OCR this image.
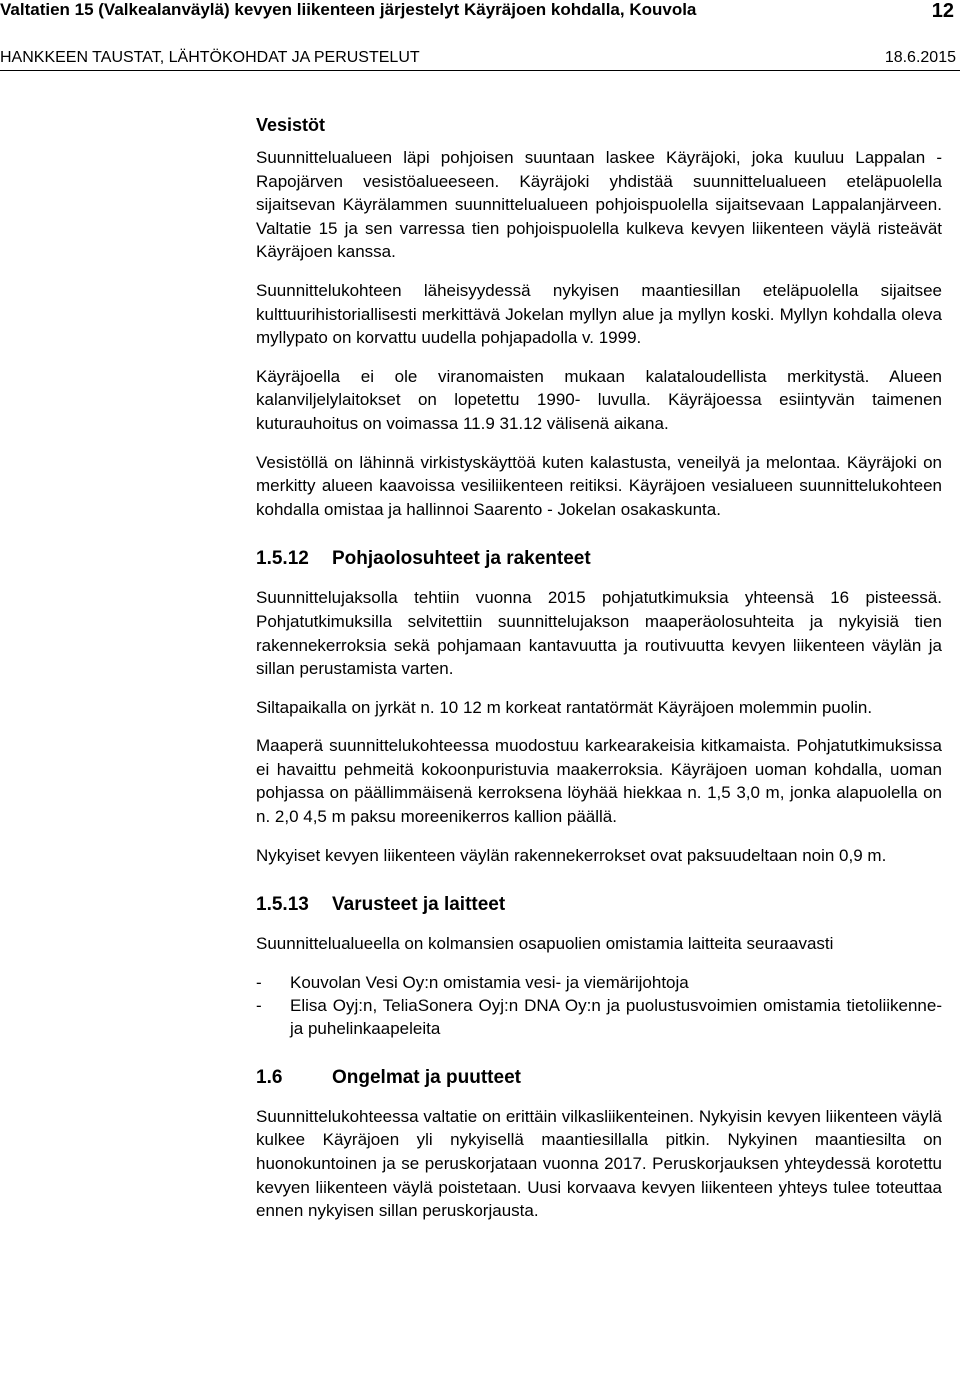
Valtatien 15 (Valkealanväylä) kevyen liikenteen järjestelyt Käyräjoen kohdalla, Kouvola	12
HANKKEEN TAUSTAT, LÄHTÖKOHDAT JA PERUSTELUT	18.6.2015
Vesistöt

Suunnittelualueen läpi pohjoisen suuntaan laskee Käyräjoki, joka kuuluu Lappalan - Rapojärven vesistöalueeseen. Käyräjoki yhdistää suunnittelualueen eteläpuolella sijaitsevan Käyrälammen suunnittelualueen pohjoispuolella sijaitsevaan Lappalanjärveen. Valtatie 15 ja sen varressa tien pohjoispuolella kulkeva kevyen liikenteen väylä risteävät Käyräjoen kanssa.

Suunnittelukohteen läheisyydessä nykyisen maantiesillan eteläpuolella sijaitsee kulttuurihistoriallisesti merkittävä Jokelan myllyn alue ja myllyn koski. Myllyn kohdalla oleva myllypato on korvattu uudella pohjapadolla v. 1999.

Käyräjoella ei ole viranomaisten mukaan kalataloudellista merkitystä. Alueen kalanviljelylaitokset on lopetettu 1990- luvulla. Käyräjoessa esiintyvän taimenen kuturauhoitus on voimassa 11.9 31.12 välisenä aikana.

Vesistöllä on lähinnä virkistyskäyttöä kuten kalastusta, veneilyä ja melontaa. Käyräjoki on merkitty alueen kaavoissa vesiliikenteen reitiksi. Käyräjoen vesialueen suunnittelukohteen kohdalla omistaa ja hallinnoi Saarento - Jokelan osakaskunta.

1.5.12	Pohjaolosuhteet ja rakenteet

Suunnittelujaksolla tehtiin vuonna 2015 pohjatutkimuksia yhteensä 16 pisteessä. Pohjatutkimuksilla selvitettiin suunnittelujakson maaperäolosuhteita ja nykyisiä tien rakennekerroksia sekä pohjamaan kantavuutta ja routivuutta kevyen liikenteen väylän ja sillan perustamista varten.

Siltapaikalla on jyrkät n. 10 12 m korkeat rantatörmät Käyräjoen molemmin puolin.

Maaperä suunnittelukohteessa muodostuu karkearakeisia kitkamaista. Pohjatutkimuksissa ei havaittu pehmeitä kokoonpuristuvia maakerroksia. Käyräjoen uoman kohdalla, uoman pohjassa on päällimmäisenä kerroksena löyhää hiekkaa n. 1,5 3,0 m, jonka alapuolella on n. 2,0 4,5 m paksu moreenikerros kallion päällä.

Nykyiset kevyen liikenteen väylän rakennekerrokset ovat paksuudeltaan noin 0,9 m.

1.5.13	Varusteet ja laitteet

Suunnittelualueella on kolmansien osapuolien omistamia laitteita seuraavasti

-	Kouvolan Vesi Oy:n omistamia vesi- ja viemärijohtoja
-	Elisa Oyj:n, TeliaSonera Oyj:n DNA Oy:n ja puolustusvoimien omistamia tietoliikenne- ja puhelinkaapeleita
1.6	Ongelmat ja puutteet

Suunnittelukohteessa valtatie on erittäin vilkasliikenteinen. Nykyisin kevyen liikenteen väylä kulkee Käyräjoen yli nykyisellä maantiesillalla pitkin. Nykyinen maantiesilta on huonokuntoinen ja se peruskorjataan vuonna 2017. Peruskorjauksen yhteydessä korotettu kevyen liikenteen väylä poistetaan. Uusi korvaava kevyen liikenteen yhteys tulee toteuttaa ennen nykyisen sillan peruskorjausta.
